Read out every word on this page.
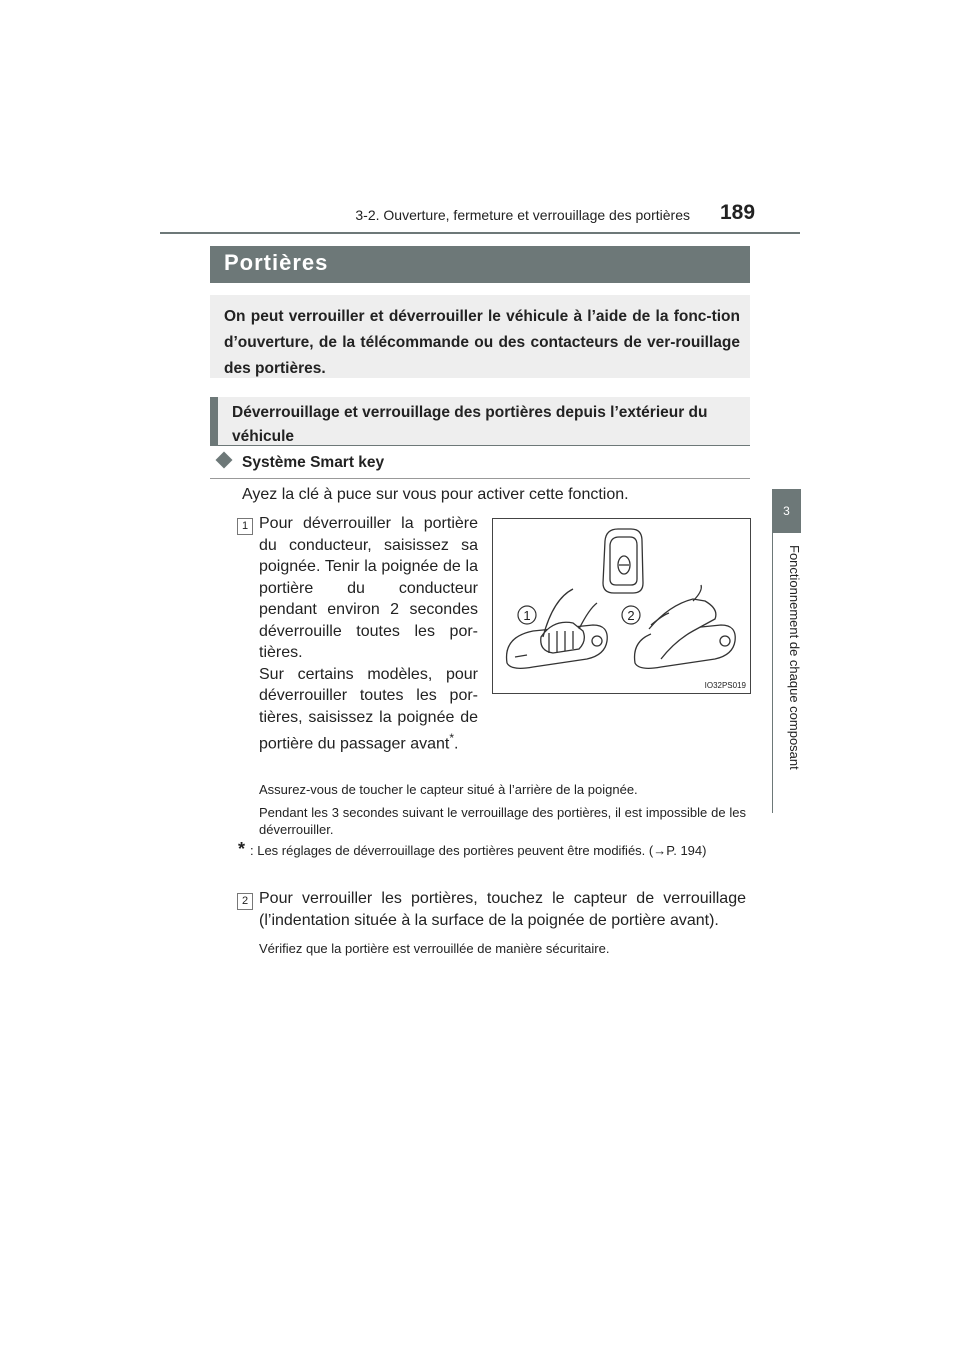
3-2. Ouverture, fermeture et verrouillage des portières 189
3
Fonctionnement de chaque composant
Portières

On peut verrouiller et déverrouiller le véhicule à l’aide de la fonc-tion d’ouverture, de la télécommande ou des contacteurs de ver-rouillage des portières.

Déverrouillage et verrouillage des portières depuis l’extérieur du véhicule

Système Smart key
Ayez la clé à puce sur vous pour activer cette fonction.
1 Pour déverrouiller la portière du conducteur, saisissez sa poignée. Tenir la poignée de la portière du conducteur pendant environ 2 secondes déverrouille toutes les por-tières.

Sur certains modèles, pour déverrouiller toutes les por-tières, saisissez la poignée de portière du passager avant*.

1	2
IO32PS019
Assurez-vous de toucher le capteur situé à l’arrière de la poignée.
Pendant les 3 secondes suivant le verrouillage des portières, il est impossible de les déverrouiller.
* : Les réglages de déverrouillage des portières peuvent être modifiés. (→P. 194)
2 Pour verrouiller les portières, touchez le capteur de verrouillage (l’indentation située à la surface de la poignée de portière avant).
Vérifiez que la portière est verrouillée de manière sécuritaire.
